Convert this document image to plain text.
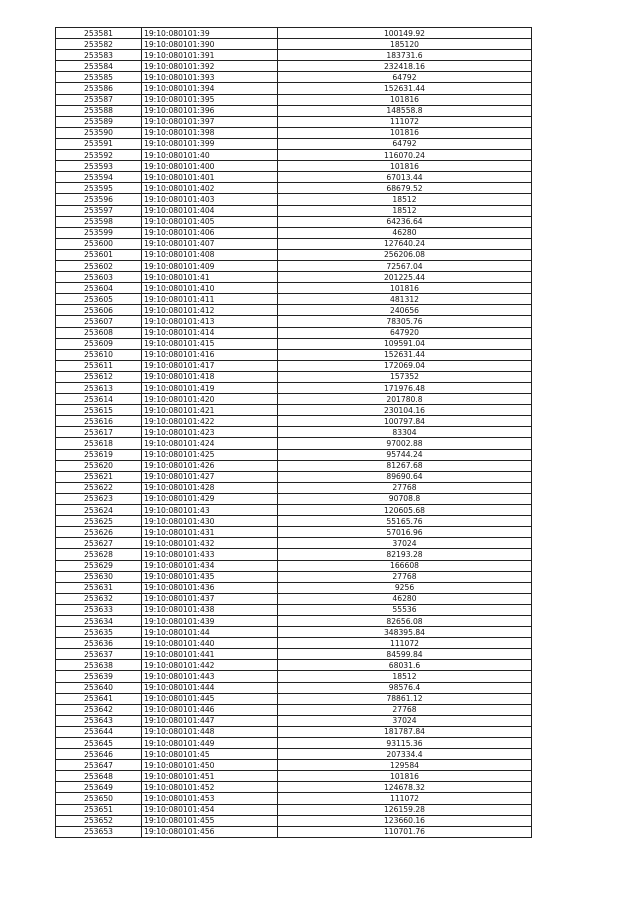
253581	19:10:080101:39	100149.92
253582	19:10:080101:390	185120
253583	19:10:080101:391	183731.6
253584	19:10:080101:392	232418.16
253585	19:10:080101:393	64792
253586	19:10:080101:394	152631.44
253587	19:10:080101:395	101816
253588	19:10:080101:396	148558.8
253589	19:10:080101:397	111072
253590	19:10:080101:398	101816
253591	19:10:080101:399	64792
253592	19:10:080101:40	116070.24
253593	19:10:080101:400	101816
253594	19:10:080101:401	67013.44
253595	19:10:080101:402	68679.52
253596	19:10:080101:403	18512
253597	19:10:080101:404	18512
253598	19:10:080101:405	64236.64
253599	19:10:080101:406	46280
253600	19:10:080101:407	127640.24
253601	19:10:080101:408	256206.08
253602	19:10:080101:409	72567.04
253603	19:10:080101:41	201225.44
253604	19:10:080101:410	101816
253605	19:10:080101:411	481312
253606	19:10:080101:412	240656
253607	19:10:080101:413	78305.76
253608	19:10:080101:414	647920
253609	19:10:080101:415	109591.04
253610	19:10:080101:416	152631.44
253611	19:10:080101:417	172069.04
253612	19:10:080101:418	157352
253613	19:10:080101:419	171976.48
253614	19:10:080101:420	201780.8
253615	19:10:080101:421	230104.16
253616	19:10:080101:422	100797.84
253617	19:10:080101:423	83304
253618	19:10:080101:424	97002.88
253619	19:10:080101:425	95744.24
253620	19:10:080101:426	81267.68
253621	19:10:080101:427	89690.64
253622	19:10:080101:428	27768
253623	19:10:080101:429	90708.8
253624	19:10:080101:43	120605.68
253625	19:10:080101:430	55165.76
253626	19:10:080101:431	57016.96
253627	19:10:080101:432	37024
253628	19:10:080101:433	82193.28
253629	19:10:080101:434	166608
253630	19:10:080101:435	27768
253631	19:10:080101:436	9256
253632	19:10:080101:437	46280
253633	19:10:080101:438	55536
253634	19:10:080101:439	82656.08
253635	19:10:080101:44	348395.84
253636	19:10:080101:440	111072
253637	19:10:080101:441	84599.84
253638	19:10:080101:442	68031.6
253639	19:10:080101:443	18512
253640	19:10:080101:444	98576.4
253641	19:10:080101:445	78861.12
253642	19:10:080101:446	27768
253643	19:10:080101:447	37024
253644	19:10:080101:448	181787.84
253645	19:10:080101:449	93115.36
253646	19:10:080101:45	207334.4
253647	19:10:080101:450	129584
253648	19:10:080101:451	101816
253649	19:10:080101:452	124678.32
253650	19:10:080101:453	111072
253651	19:10:080101:454	126159.28
253652	19:10:080101:455	123660.16
253653	19:10:080101:456	110701.76
